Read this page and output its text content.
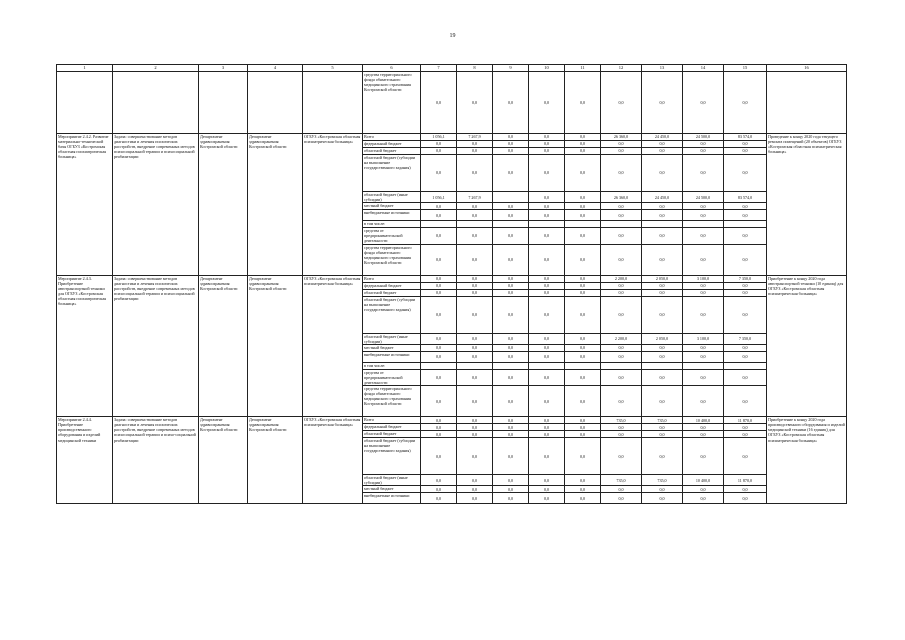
19
1	2	3	4	5	6	7	8	9	10	11	12	13	14	15	16
					средства территориального фонда обязательного медицинского страхования Костромской области	0,0	0,0	0,0	0,0	0,0	0,0	0,0	0,0	0,0	
Мероприятие 2.4.2. Развитие материально-технической базы ОГБУЗ «Костромская областная психиатрическая больница»	Задача: совершенствование методов диагностики и лечения психических расстройств, внедрение современных методов психосоциальной терапии и психосоциальной реабилитации	Департамент здравоохранения Костромской области	Департамент здравоохранения Костромской области	ОГБУЗ «Костромская областная психиатрическая больница»	Всего	1 056,1	7 267,9	0,0	0,0	0,0	26 360,0	24 450,0	24 500,0	83 574,0	Проведение к концу 2020 года текущего ремонта помещений (20 объектов) ОГБУЗ «Костромская областная психиатрическая больница»
					федеральный бюджет	0,0	0,0	0,0	0,0	0,0	0,0	0,0	0,0	0,0	
					областной бюджет	0,0	0,0	0,0	0,0	0,0	0,0	0,0	0,0	0,0	
					областной бюджет (субсидии на выполнение государственного задания)	0,0	0,0	0,0	0,0	0,0	0,0	0,0	0,0	0,0	
					областной бюджет (иные субсидии)	1 056,1	7 267,9		0,0	0,0	26 360,0	24 450,0	24 500,0	83 574,0	
					местный бюджет	0,0	0,0	0,0	0,0	0,0	0,0	0,0	0,0	0,0	
					внебюджетные источники	0,0	0,0	0,0	0,0	0,0	0,0	0,0	0,0	0,0	
					в том числе:										
					средства от предпринимательской деятельности	0,0	0,0	0,0	0,0	0,0	0,0	0,0	0,0	0,0	
					средства территориального фонда обязательного медицинского страхования Костромской области	0,0	0,0	0,0	0,0	0,0	0,0	0,0	0,0	0,0	
Мероприятие 2.4.3. Приобретение автотранспортной техники для ОГБУЗ «Костромская областная психиатрическая больница»	Задача: совершенствование методов диагностики и лечения психических расстройств, внедрение современных методов психосоциальной терапии и психосоциальной реабилитации	Департамент здравоохранения Костромской области	Департамент здравоохранения Костромской области	ОГБУЗ «Костромская областная психиатрическая больница»	Всего	0,0	0,0	0,0	0,0	0,0	2 200,0	2 050,0	3 100,0	7 350,0	Приобретение к концу 2020 года автотранспортной техники (10 единиц) для ОГБУЗ «Костромская областная психиатрическая больница»
					федеральный бюджет	0,0	0,0	0,0	0,0	0,0	0,0	0,0	0,0	0,0	
					областной бюджет	0,0	0,0	0,0	0,0	0,0	0,0	0,0	0,0	0,0	
					областной бюджет (субсидии на выполнение государственного задания)	0,0	0,0	0,0	0,0	0,0	0,0	0,0	0,0	0,0	
					областной бюджет (иные субсидии)	0,0	0,0	0,0	0,0	0,0	2 200,0	2 050,0	3 100,0	7 350,0	
					местный бюджет	0,0	0,0	0,0	0,0	0,0	0,0	0,0	0,0	0,0	
					внебюджетные источники	0,0	0,0	0,0	0,0	0,0	0,0	0,0	0,0	0,0	
					в том числе:										
					средства от предпринимательской деятельности	0,0	0,0	0,0	0,0	0,0	0,0	0,0	0,0	0,0	
					средства территориального фонда обязательного медицинского страхования Костромской области	0,0	0,0	0,0	0,0	0,0	0,0	0,0	0,0	0,0	
Мероприятие 2.4.4. Приобретение производственного оборудования и изделий медицинской техники	Задача: совершенствование методов диагностики и лечения психических расстройств, внедрение современных методов психосоциальной терапии и психо-социальной реабилитации	Департамент здравоохранения Костромской области	Департамент здравоохранения Костромской области	ОГБУЗ «Костромская областная психиатрическая больница»	Всего	0,0	0,0	0,0	0,0	0,0	735,0	735,0	10 400,0	11 870,0	Приобретение к концу 2020 года производственного оборудования и изделий медицинской техники (16 единиц) для ОГБУЗ «Костромская областная психиатрическая больница»
					федеральный бюджет	0,0	0,0	0,0	0,0	0,0	0,0	0,0	0,0	0,0	
					областной бюджет	0,0	0,0	0,0	0,0	0,0	0,0	0,0	0,0	0,0	
					областной бюджет (субсидии на выполнение государственного задания)	0,0	0,0	0,0	0,0	0,0	0,0	0,0	0,0	0,0	
					областной бюджет (иные субсидии)	0,0	0,0	0,0	0,0	0,0	735,0	735,0	10 400,0	11 870,0	
					местный бюджет	0,0	0,0	0,0	0,0	0,0	0,0	0,0	0,0	0,0	
					внебюджетные источники	0,0	0,0	0,0	0,0	0,0	0,0	0,0	0,0	0,0	
